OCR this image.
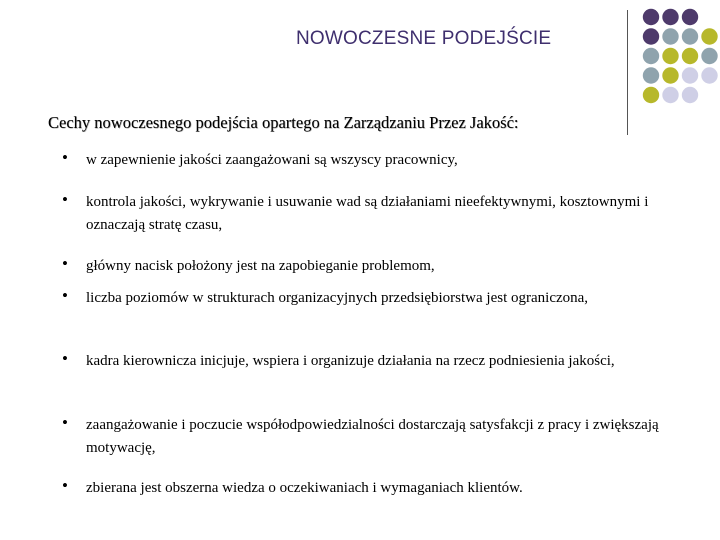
NOWOCZESNE PODEJŚCIE
Cechy nowoczesnego podejścia opartego na Zarządzaniu Przez Jakość:
• w zapewnienie jakości zaangażowani są wszyscy pracownicy,
• kontrola jakości, wykrywanie i usuwanie wad są działaniami nieefektywnymi, kosztownymi i oznaczają stratę czasu,
• główny nacisk położony jest na zapobieganie problemom,
• liczba poziomów w strukturach organizacyjnych przedsiębiorstwa jest ograniczona,
• kadra kierownicza inicjuje, wspiera i organizuje działania na rzecz podniesienia jakości,
• zaangażowanie i poczucie współodpowiedzialności dostarczają satysfakcji z pracy i zwiększają motywację,
• zbierana jest obszerna wiedza o oczekiwaniach i wymaganiach klientów.
